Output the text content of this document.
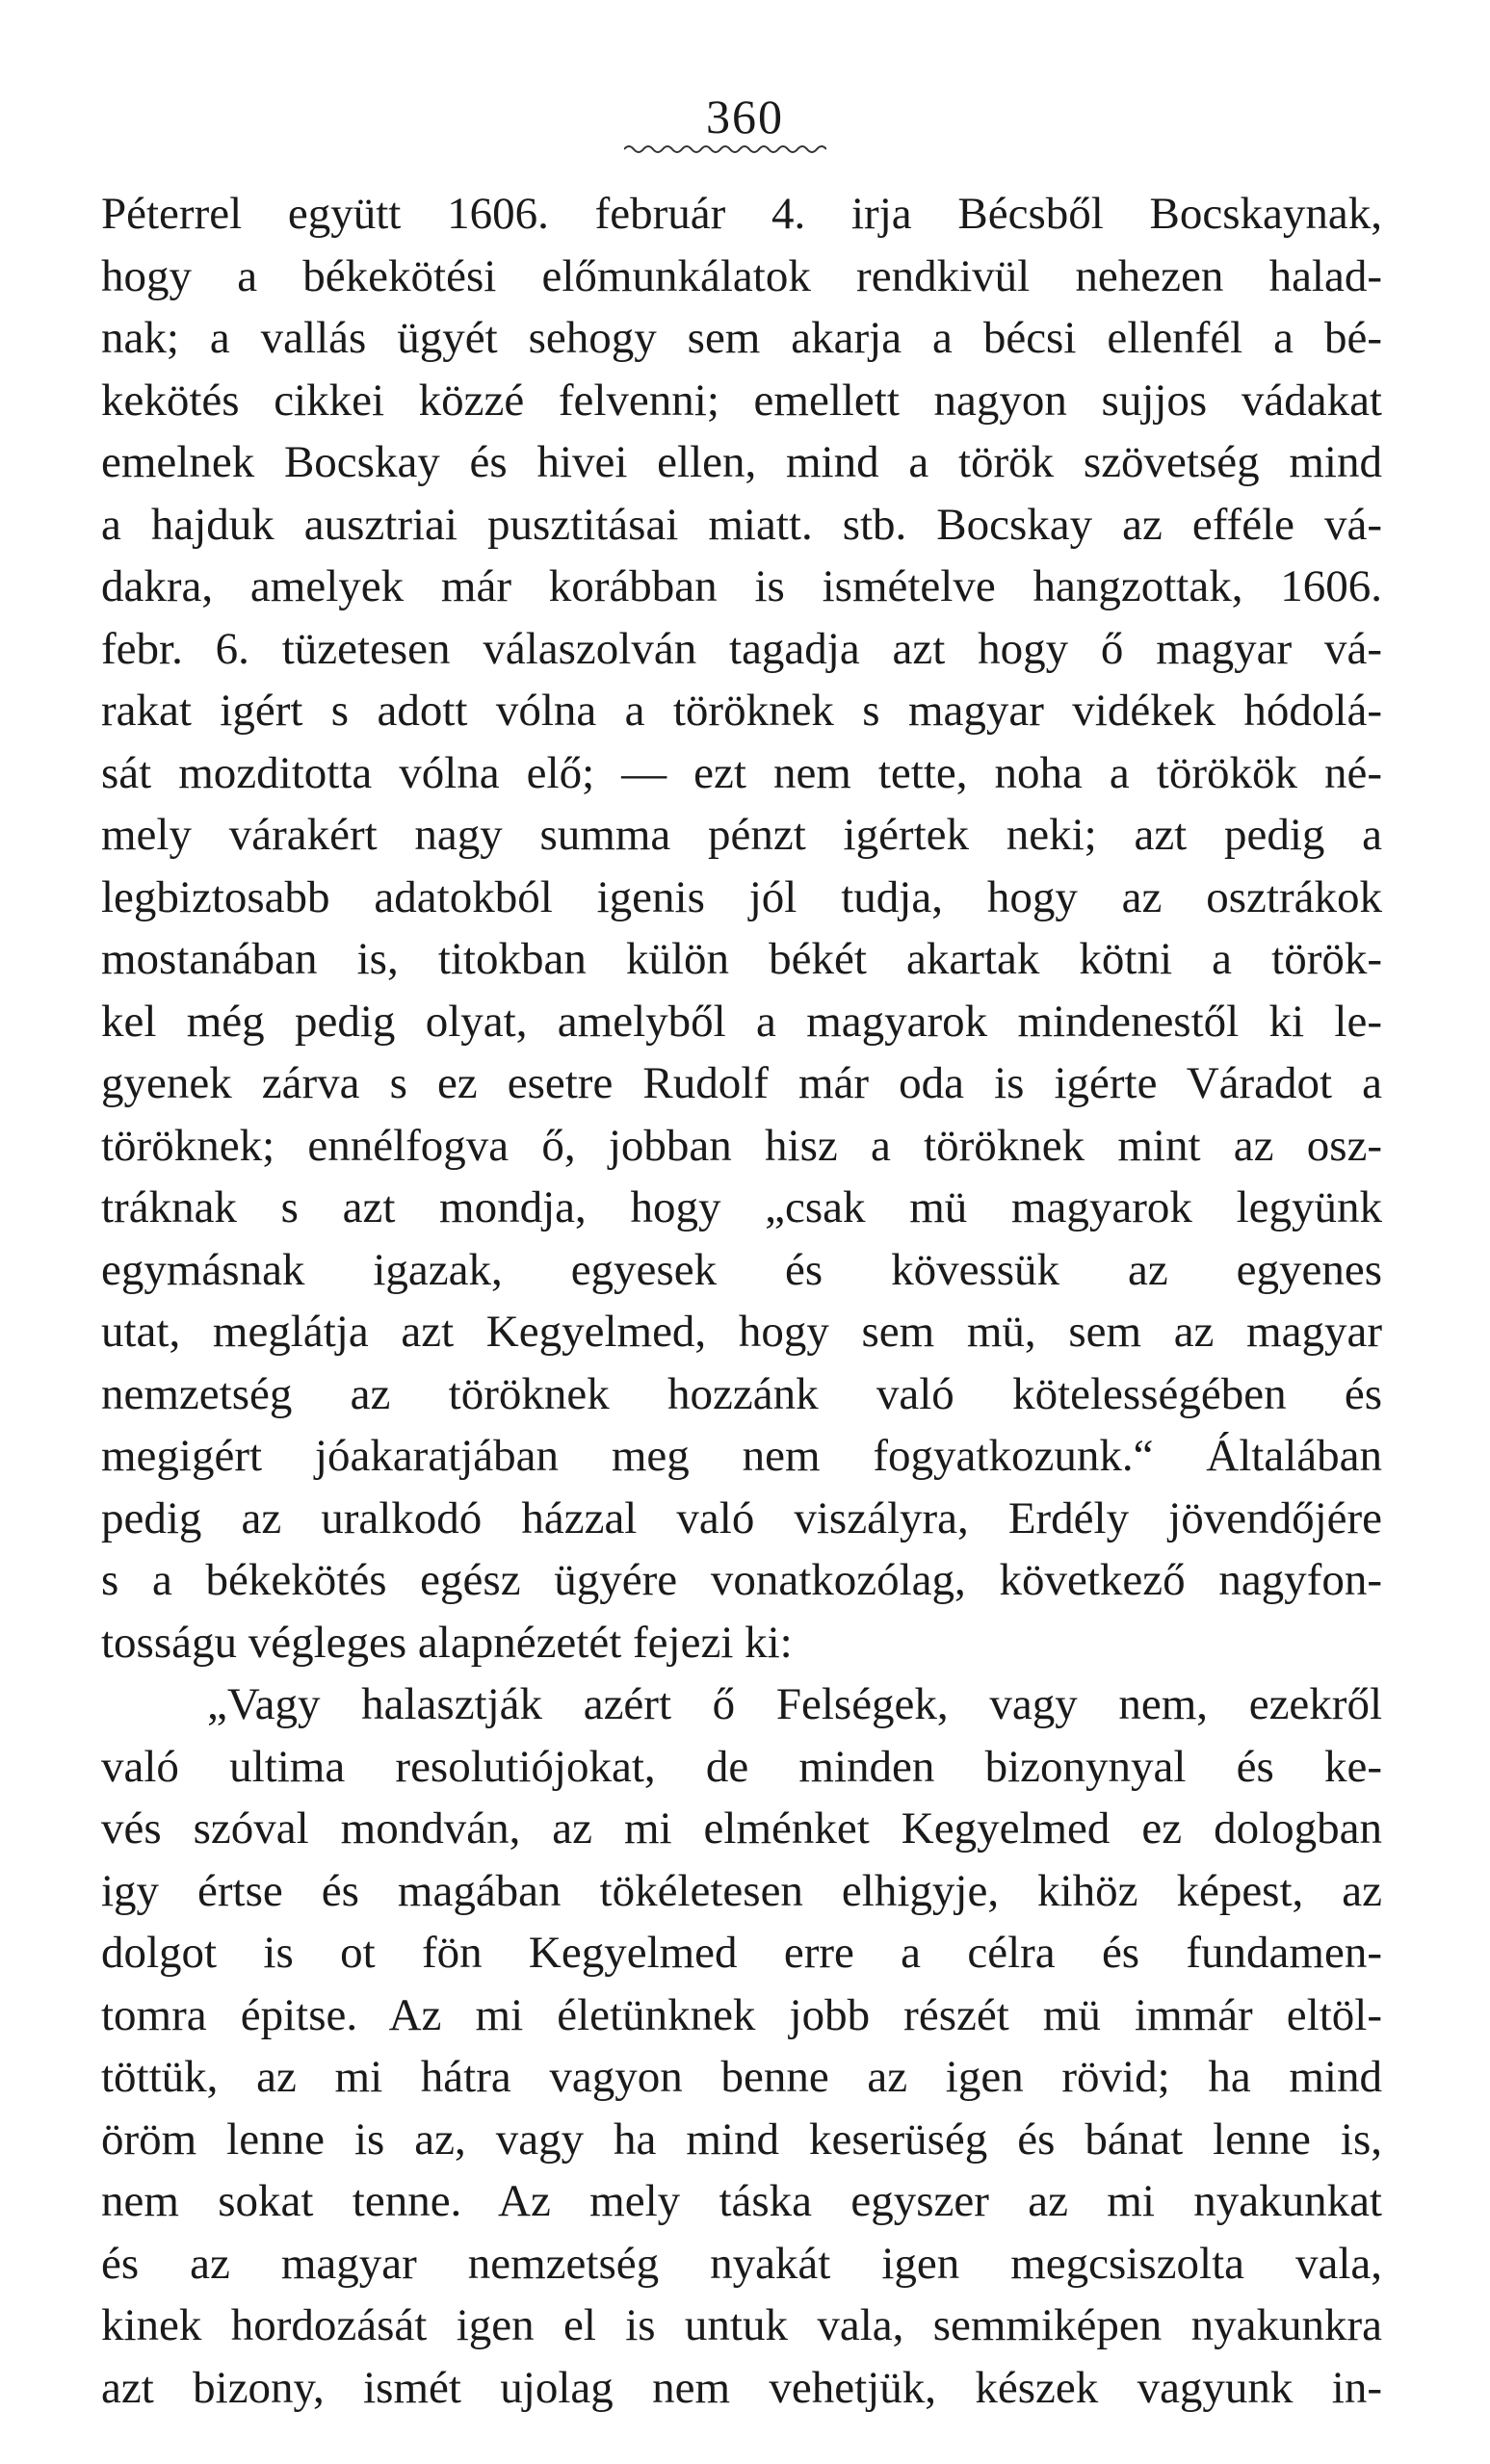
360
Péterrel együtt 1606. február 4. irja Bécsből Bocskaynak,
hogy a békekötési előmunkálatok rendkivül nehezen halad-
nak; a vallás ügyét sehogy sem akarja a bécsi ellenfél a bé-
kekötés cikkei közzé felvenni; emellett nagyon sujjos vádakat
emelnek Bocskay és hivei ellen, mind a török szövetség mind
a hajduk ausztriai pusztitásai miatt. stb. Bocskay az efféle vá-
dakra, amelyek már korábban is ismételve hangzottak, 1606.
febr. 6. tüzetesen válaszolván tagadja azt hogy ő magyar vá-
rakat igért s adott vólna a töröknek s magyar vidékek hódolá-
sát mozditotta vólna elő; — ezt nem tette, noha a törökök né-
mely várakért nagy summa pénzt igértek neki; azt pedig a
legbiztosabb adatokból igenis jól tudja, hogy az osztrákok
mostanában is, titokban külön békét akartak kötni a török-
kel még pedig olyat, amelyből a magyarok mindenestől ki le-
gyenek zárva s ez esetre Rudolf már oda is igérte Váradot a
töröknek; ennélfogva ő, jobban hisz a töröknek mint az osz-
tráknak s azt mondja, hogy „csak mü magyarok legyünk
egymásnak igazak, egyesek és kövessük az egyenes
utat, meglátja azt Kegyelmed, hogy sem mü, sem az magyar
nemzetség az töröknek hozzánk való kötelességében és
megigért jóakaratjában meg nem fogyatkozunk.“ Általában
pedig az uralkodó házzal való viszályra, Erdély jövendőjére
s a békekötés egész ügyére vonatkozólag, következő nagyfon-
tosságu végleges alapnézetét fejezi ki:
„Vagy halasztják azért ő Felségek, vagy nem, ezekről
való ultima resolutiójokat, de minden bizonynyal és ke-
vés szóval mondván, az mi elménket Kegyelmed ez dologban
igy értse és magában tökéletesen elhigyje, kihöz képest, az
dolgot is ot fön Kegyelmed erre a célra és fundamen-
tomra épitse. Az mi életünknek jobb részét mü immár eltöl-
töttük, az mi hátra vagyon benne az igen rövid; ha mind
öröm lenne is az, vagy ha mind keserüség és bánat lenne is,
nem sokat tenne. Az mely táska egyszer az mi nyakunkat
és az magyar nemzetség nyakát igen megcsiszolta vala,
kinek hordozását igen el is untuk vala, semmiképen nyakunkra
azt bizony, ismét ujolag nem vehetjük, készek vagyunk in-
